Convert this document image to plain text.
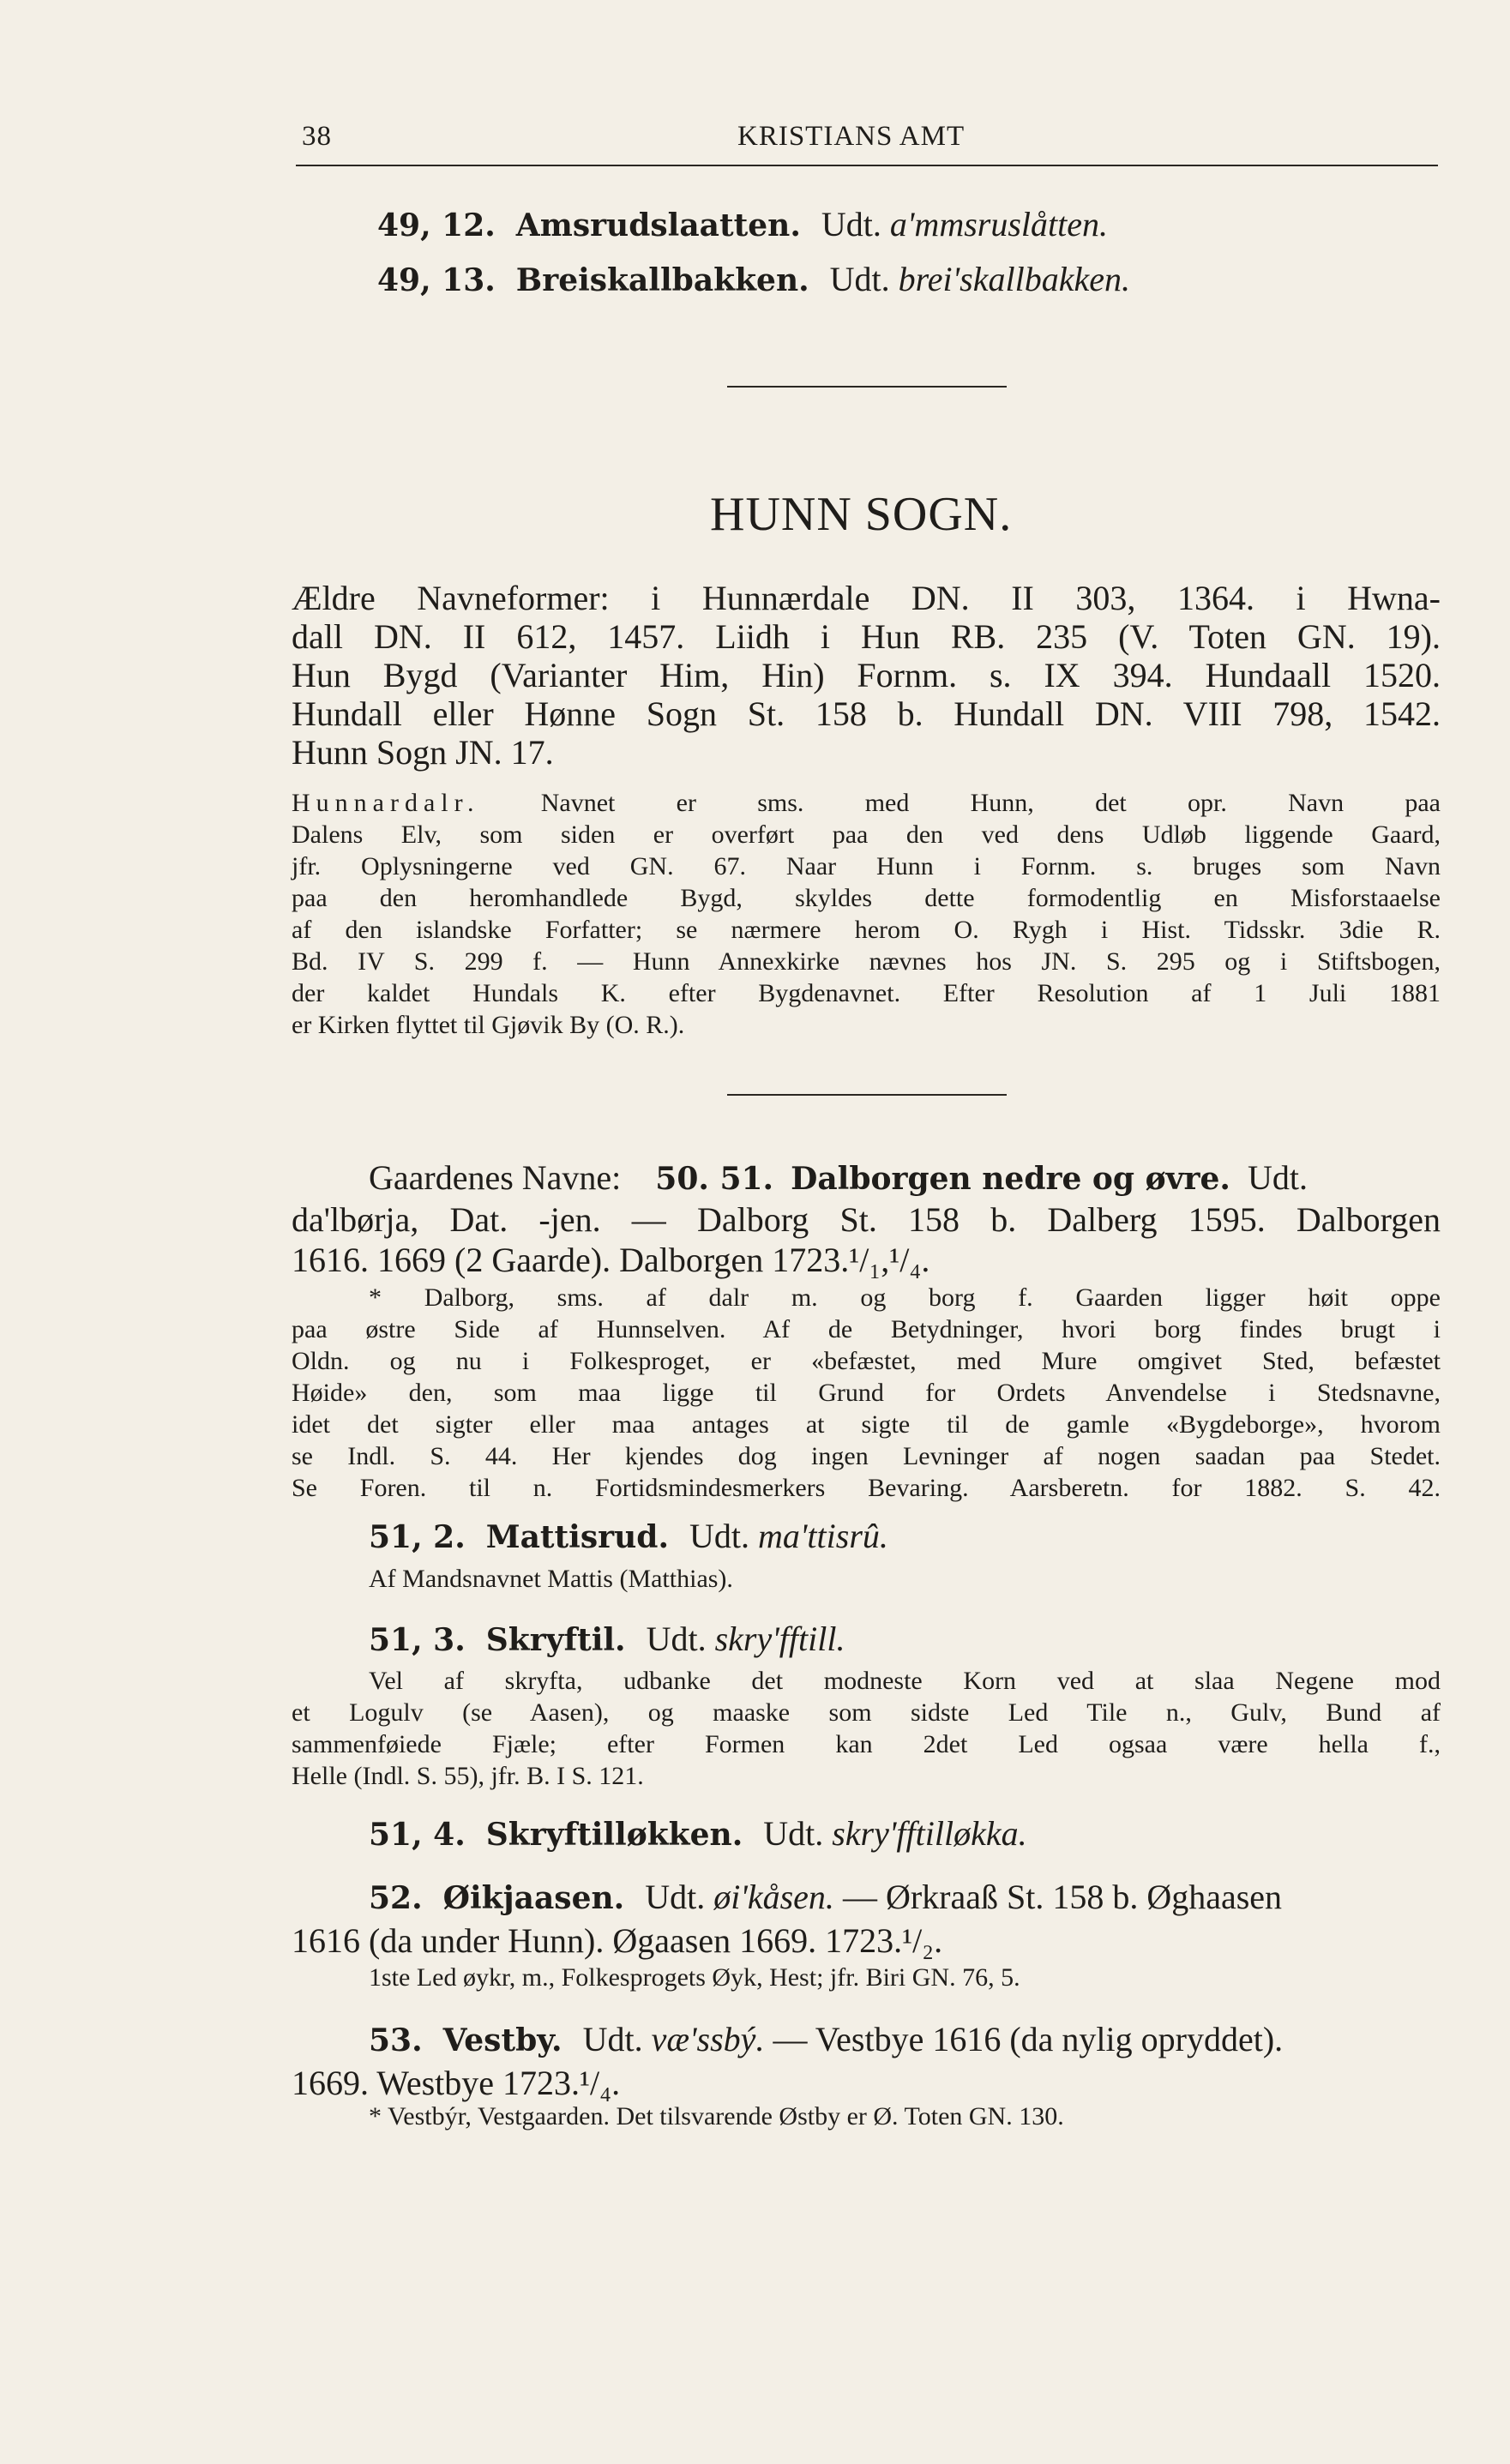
38	KRISTIANS AMT
49, 12. Amsrudslaatten. Udt. a'mmsruslåtten.
49, 13. Breiskallbakken. Udt. brei'skallbakken.
HUNN SOGN.
Ældre Navneformer: i Hunnærdale DN. II 303, 1364. i Hwna-
dall DN. II 612, 1457. Liidh i Hun RB. 235 (V. Toten GN. 19).
Hun Bygd (Varianter Him, Hin) Fornm. s. IX 394. Hundaall 1520.
Hundall eller Hønne Sogn St. 158 b. Hundall DN. VIII 798, 1542.
Hunn Sogn JN. 17.
Hunnardalr. Navnet er sms. med Hunn, det opr. Navn paa
Dalens Elv, som siden er overført paa den ved dens Udløb liggende Gaard,
jfr. Oplysningerne ved GN. 67. Naar Hunn i Fornm. s. bruges som Navn
paa den heromhandlede Bygd, skyldes dette formodentlig en Misforstaaelse
af den islandske Forfatter; se nærmere herom O. Rygh i Hist. Tidsskr. 3die R.
Bd. IV S. 299 f. — Hunn Annexkirke nævnes hos JN. S. 295 og i Stiftsbogen,
der kaldet Hundals K. efter Bygdenavnet. Efter Resolution af 1 Juli 1881
er Kirken flyttet til Gjøvik By (O. R.).
Gaardenes Navne: 50. 51. Dalborgen nedre og øvre. Udt.
da'lbørja, Dat. -jen. — Dalborg St. 158 b. Dalberg 1595. Dalborgen
1616. 1669 (2 Gaarde). Dalborgen 1723.¹/₁,¹/₄.
* Dalborg, sms. af dalr m. og borg f. Gaarden ligger høit oppe
paa østre Side af Hunnselven. Af de Betydninger, hvori borg findes brugt i
Oldn. og nu i Folkesproget, er «befæstet, med Mure omgivet Sted, befæstet
Høide» den, som maa ligge til Grund for Ordets Anvendelse i Stedsnavne,
idet det sigter eller maa antages at sigte til de gamle «Bygdeborge», hvorom
se Indl. S. 44. Her kjendes dog ingen Levninger af nogen saadan paa Stedet.
Se Foren. til n. Fortidsmindesmerkers Bevaring. Aarsberetn. for 1882. S. 42.
51, 2. Mattisrud. Udt. ma'ttisrû.
Af Mandsnavnet Mattis (Matthias).
51, 3. Skryftil. Udt. skry'fftill.
Vel af skryfta, udbanke det modneste Korn ved at slaa Negene mod
et Logulv (se Aasen), og maaske som sidste Led Tile n., Gulv, Bund af
sammenføiede Fjæle; efter Formen kan 2det Led ogsaa være hella f.,
Helle (Indl. S. 55), jfr. B. I S. 121.
51, 4. Skryftilløkken. Udt. skry'fftilløkka.
52. Øikjaasen. Udt. øi'kåsen. — Ørkraaß St. 158 b. Øghaasen
1616 (da under Hunn). Øgaasen 1669. 1723.¹/₂.
1ste Led øykr, m., Folkesprogets Øyk, Hest; jfr. Biri GN. 76, 5.
53. Vestby. Udt. væ'ssbý. — Vestbye 1616 (da nylig opryddet).
1669. Westbye 1723.¹/₄.
* Vestbýr, Vestgaarden. Det tilsvarende Østby er Ø. Toten GN. 130.
